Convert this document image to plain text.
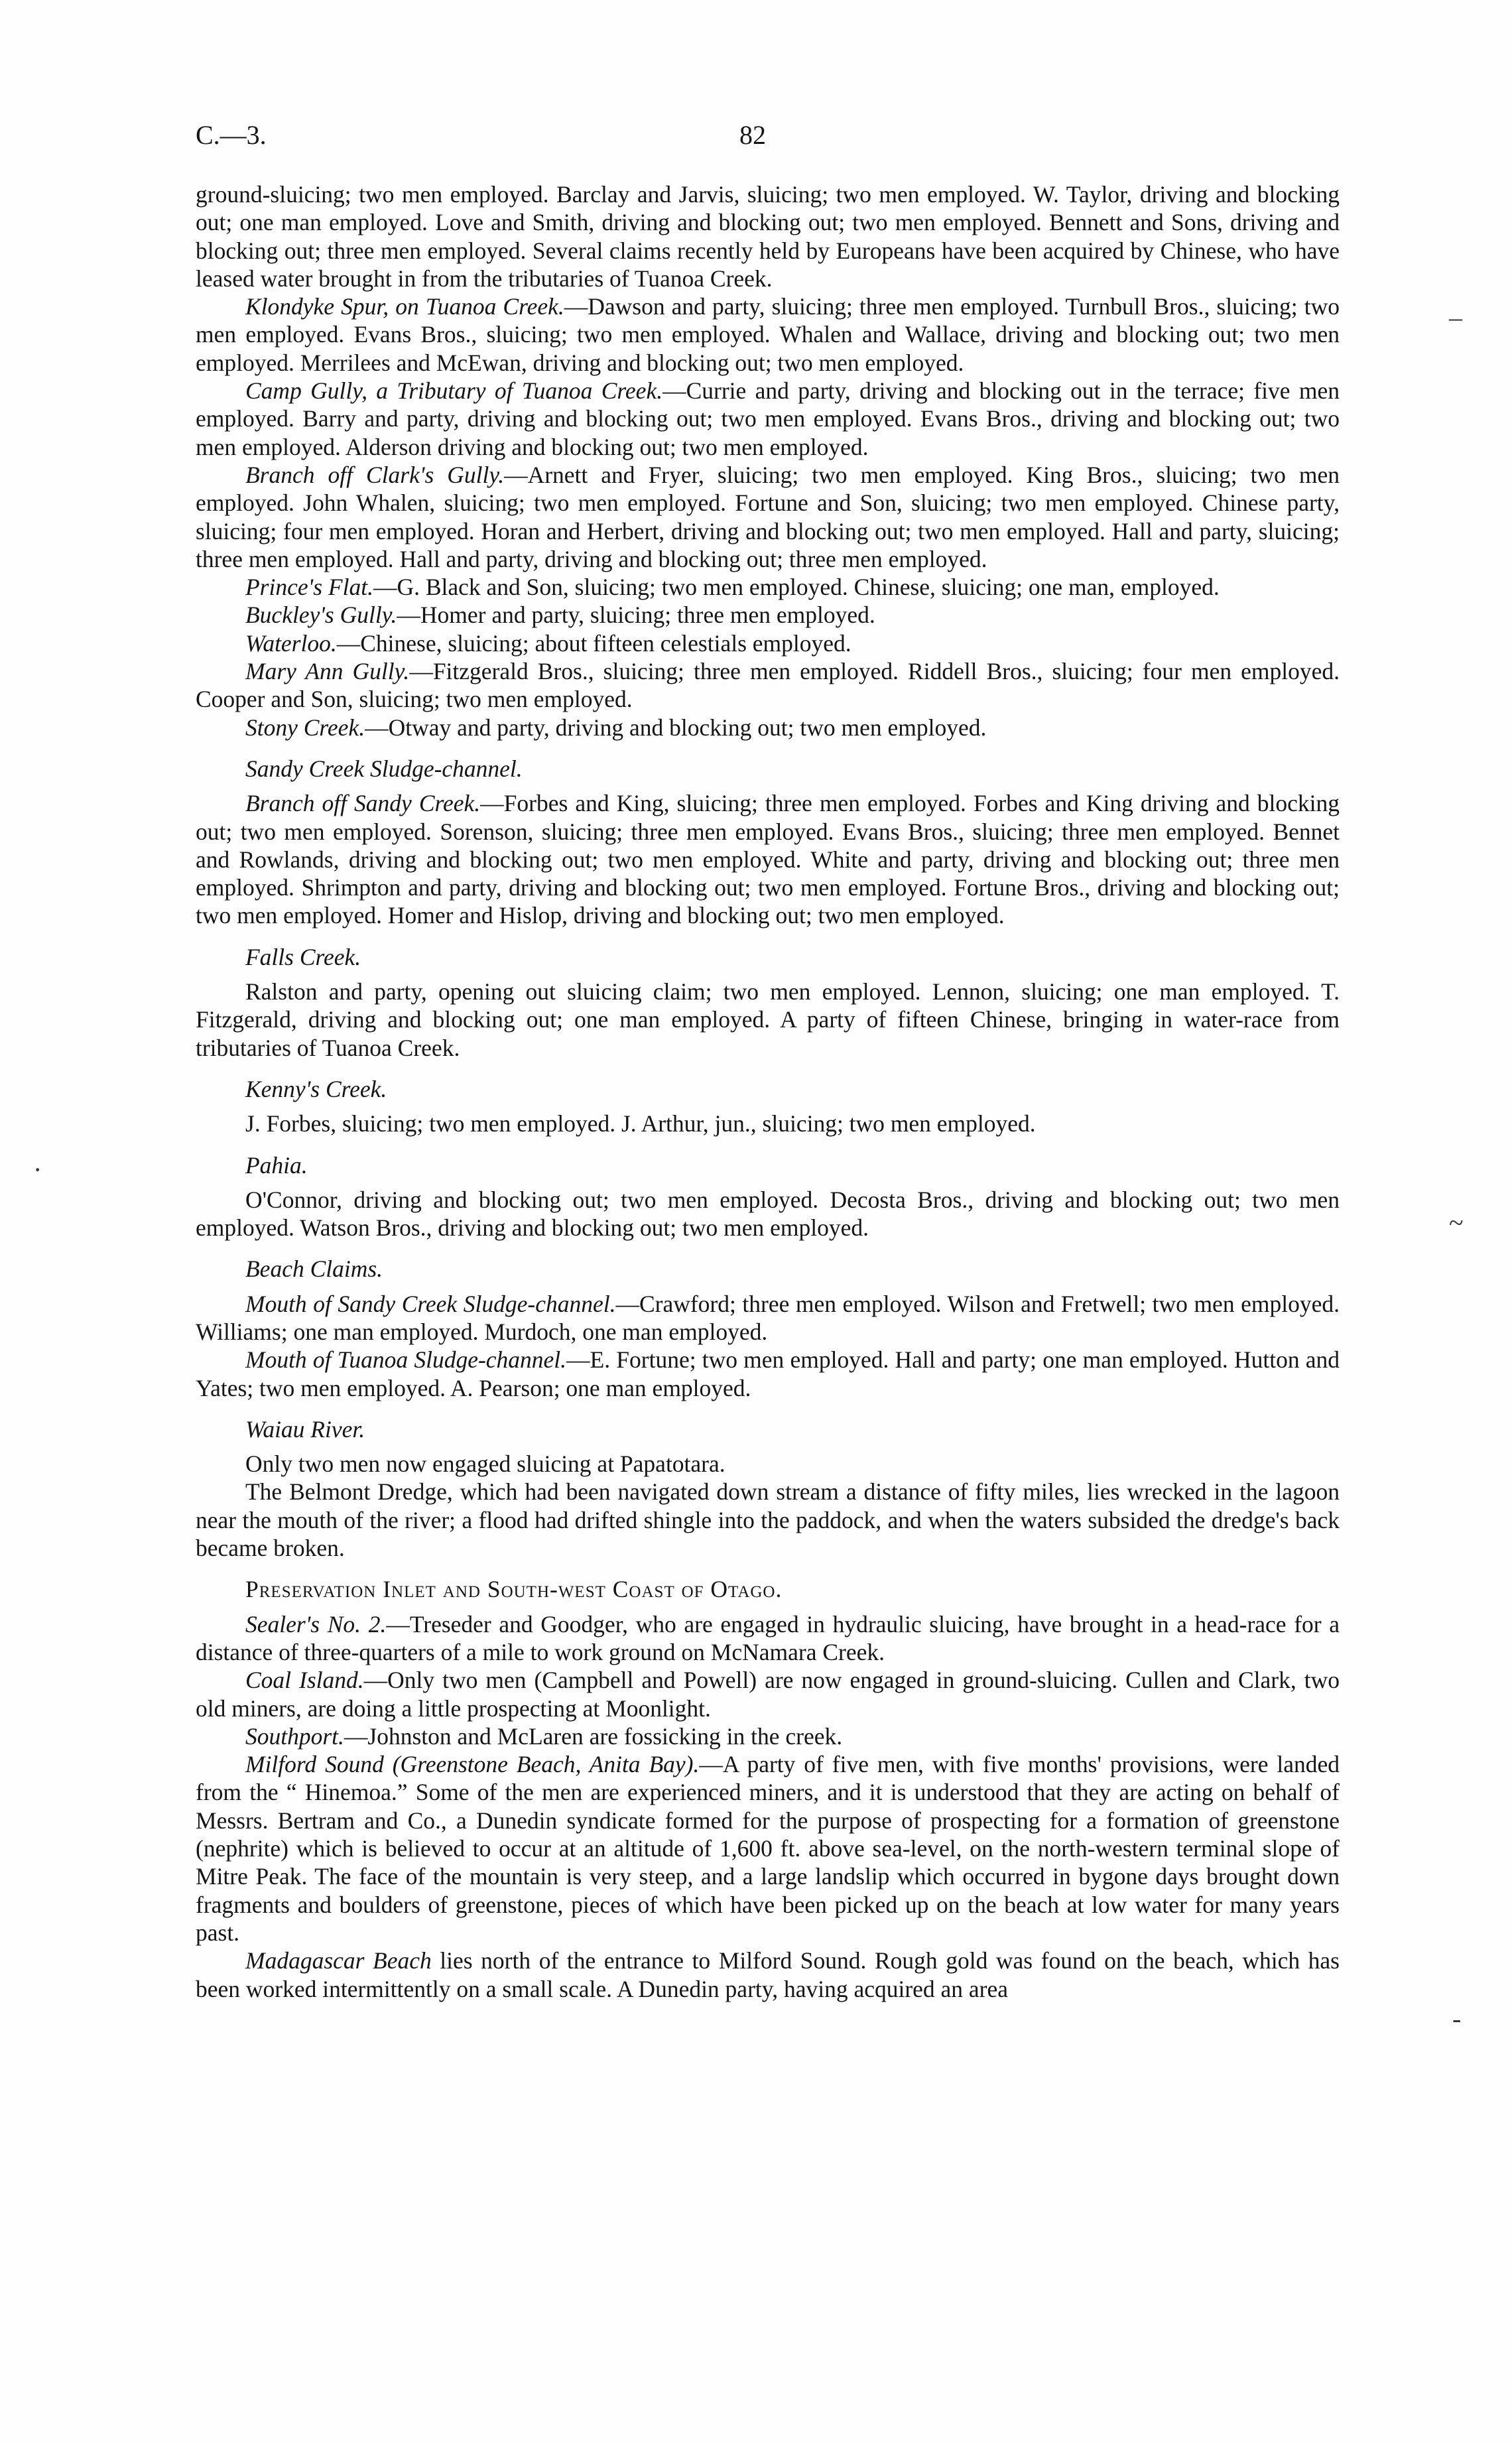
C.—3.	82

ground-sluicing; two men employed. Barclay and Jarvis, sluicing; two men employed. W. Taylor, driving and blocking out; one man employed. Love and Smith, driving and blocking out; two men employed. Bennett and Sons, driving and blocking out; three men employed. Several claims recently held by Europeans have been acquired by Chinese, who have leased water brought in from the tributaries of Tuanoa Creek.

Klondyke Spur, on Tuanoa Creek.—Dawson and party, sluicing; three men employed. Turnbull Bros., sluicing; two men employed. Evans Bros., sluicing; two men employed. Whalen and Wallace, driving and blocking out; two men employed. Merrilees and McEwan, driving and blocking out; two men employed.

Camp Gully, a Tributary of Tuanoa Creek.—Currie and party, driving and blocking out in the terrace; five men employed. Barry and party, driving and blocking out; two men employed. Evans Bros., driving and blocking out; two men employed. Alderson driving and blocking out; two men employed.

Branch off Clark's Gully.—Arnett and Fryer, sluicing; two men employed. King Bros., sluicing; two men employed. John Whalen, sluicing; two men employed. Fortune and Son, sluicing; two men employed. Chinese party, sluicing; four men employed. Horan and Herbert, driving and blocking out; two men employed. Hall and party, sluicing; three men employed. Hall and party, driving and blocking out; three men employed.

Prince's Flat.—G. Black and Son, sluicing; two men employed. Chinese, sluicing; one man, employed.

Buckley's Gully.—Homer and party, sluicing; three men employed.

Waterloo.—Chinese, sluicing; about fifteen celestials employed.

Mary Ann Gully.—Fitzgerald Bros., sluicing; three men employed. Riddell Bros., sluicing; four men employed. Cooper and Son, sluicing; two men employed.

Stony Creek.—Otway and party, driving and blocking out; two men employed.

Sandy Creek Sludge-channel.

Branch off Sandy Creek.—Forbes and King, sluicing; three men employed. Forbes and King driving and blocking out; two men employed. Sorenson, sluicing; three men employed. Evans Bros., sluicing; three men employed. Bennet and Rowlands, driving and blocking out; two men employed. White and party, driving and blocking out; three men employed. Shrimpton and party, driving and blocking out; two men employed. Fortune Bros., driving and blocking out; two men employed. Homer and Hislop, driving and blocking out; two men employed.

Falls Creek.

Ralston and party, opening out sluicing claim; two men employed. Lennon, sluicing; one man employed. T. Fitzgerald, driving and blocking out; one man employed. A party of fifteen Chinese, bringing in water-race from tributaries of Tuanoa Creek.

Kenny's Creek.

J. Forbes, sluicing; two men employed. J. Arthur, jun., sluicing; two men employed.

Pahia.

O'Connor, driving and blocking out; two men employed. Decosta Bros., driving and blocking out; two men employed. Watson Bros., driving and blocking out; two men employed.

Beach Claims.

Mouth of Sandy Creek Sludge-channel.—Crawford; three men employed. Wilson and Fretwell; two men employed. Williams; one man employed. Murdoch, one man employed.

Mouth of Tuanoa Sludge-channel.—E. Fortune; two men employed. Hall and party; one man employed. Hutton and Yates; two men employed. A. Pearson; one man employed.

Waiau River.

Only two men now engaged sluicing at Papatotara.

The Belmont Dredge, which had been navigated down stream a distance of fifty miles, lies wrecked in the lagoon near the mouth of the river; a flood had drifted shingle into the paddock, and when the waters subsided the dredge's back became broken.

Preservation Inlet and South-west Coast of Otago.

Sealer's No. 2.—Treseder and Goodger, who are engaged in hydraulic sluicing, have brought in a head-race for a distance of three-quarters of a mile to work ground on McNamara Creek.

Coal Island.—Only two men (Campbell and Powell) are now engaged in ground-sluicing. Cullen and Clark, two old miners, are doing a little prospecting at Moonlight.

Southport.—Johnston and McLaren are fossicking in the creek.

Milford Sound (Greenstone Beach, Anita Bay).—A party of five men, with five months' provisions, were landed from the “ Hinemoa.” Some of the men are experienced miners, and it is understood that they are acting on behalf of Messrs. Bertram and Co., a Dunedin syndicate formed for the purpose of prospecting for a formation of greenstone (nephrite) which is believed to occur at an altitude of 1,600 ft. above sea-level, on the north-western terminal slope of Mitre Peak. The face of the mountain is very steep, and a large landslip which occurred in bygone days brought down fragments and boulders of greenstone, pieces of which have been picked up on the beach at low water for many years past.

Madagascar Beach lies north of the entrance to Milford Sound. Rough gold was found on the beach, which has been worked intermittently on a small scale. A Dunedin party, having acquired an area

–
~
·
-
